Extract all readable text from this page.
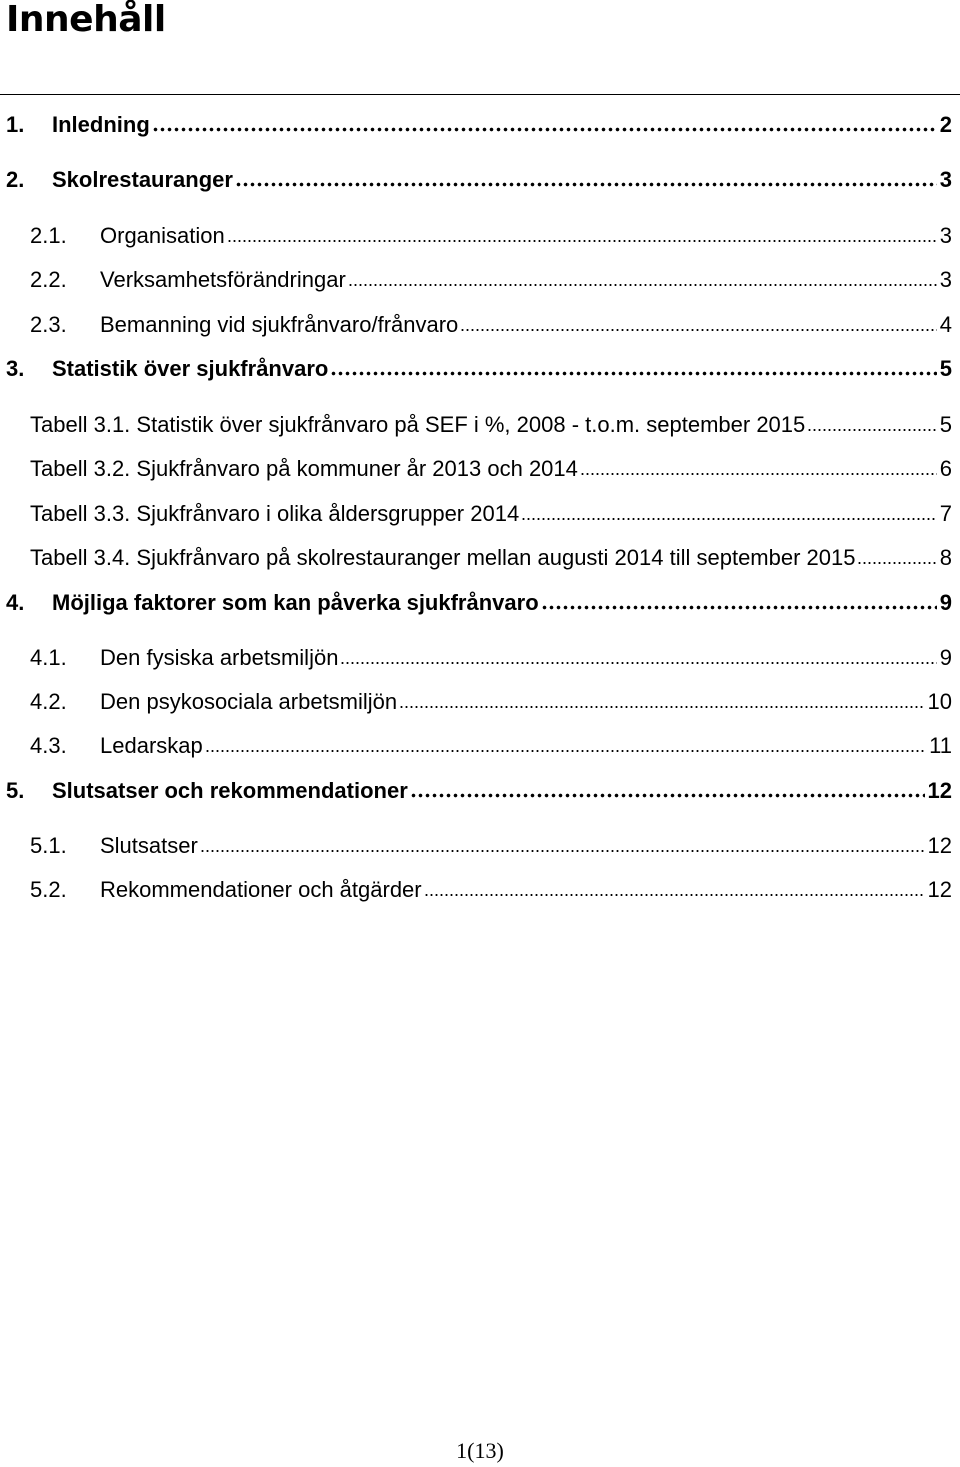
Innehåll
1.	Inledning	2
2.	Skolrestauranger	3
2.1.	Organisation	3
2.2.	Verksamhetsförändringar	3
2.3.	Bemanning vid sjukfrånvaro/frånvaro	4
3.	Statistik över sjukfrånvaro	5
Tabell 3.1. Statistik över sjukfrånvaro på SEF i %, 2008 - t.o.m. september 2015	5
Tabell 3.2. Sjukfrånvaro på kommuner år 2013 och 2014	6
Tabell 3.3. Sjukfrånvaro i olika åldersgrupper 2014	7
Tabell 3.4. Sjukfrånvaro på skolrestauranger mellan augusti 2014 till september 2015	8
4.	Möjliga faktorer som kan påverka sjukfrånvaro	9
4.1.	Den fysiska arbetsmiljön	9
4.2.	Den psykosociala arbetsmiljön	10
4.3.	Ledarskap	11
5.	Slutsatser och rekommendationer	12
5.1.	Slutsatser	12
5.2.	Rekommendationer och åtgärder	12
1(13)
